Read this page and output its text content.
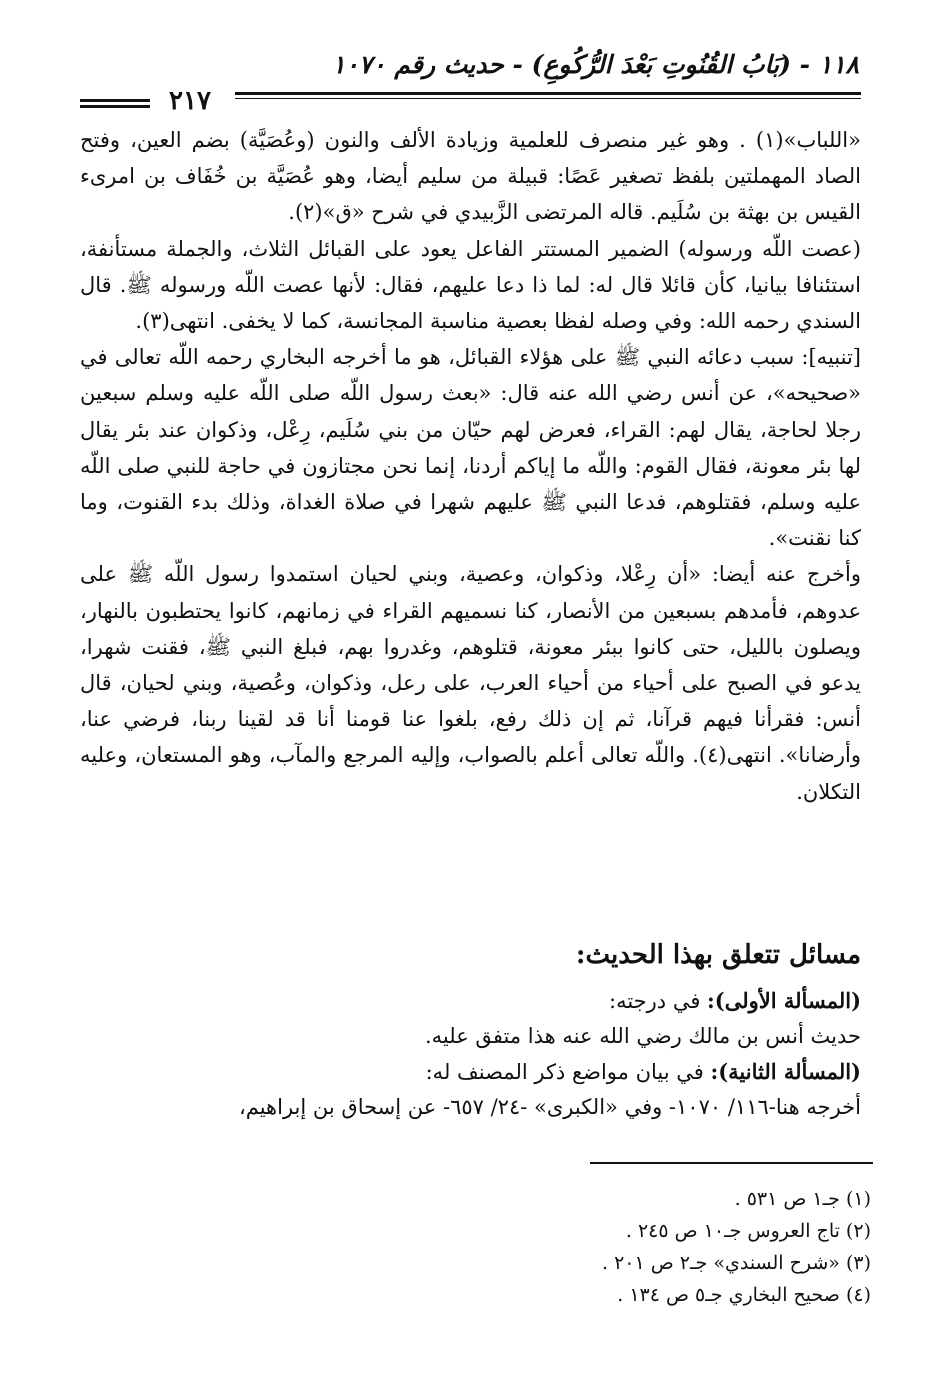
١١٨ - (بَابُ القُنُوتِ بَعْدَ الرُّكُوعِ) - حديث رقم ١٠٧٠
٢١٧

«اللباب»(١) . وهو غير منصرف للعلمية وزيادة الألف والنون (وعُصَيَّة) بضم العين، وفتح الصاد المهملتين بلفظ تصغير عَصًا: قبيلة من سليم أيضا، وهو عُصَيَّة بن خُفَاف بن امرىء القيس بن بهثة بن سُلَيم. قاله المرتضى الزَّبيدي في شرح «ق»(٢).

(عصت اللّه ورسوله) الضمير المستتر الفاعل يعود على القبائل الثلاث، والجملة مستأنفة، استئنافا بيانيا، كأن قائلا قال له: لما ذا دعا عليهم، فقال: لأنها عصت اللّه ورسوله ﷺ. قال السندي رحمه الله: وفي وصله لفظا بعصية مناسبة المجانسة، كما لا يخفى. انتهى(٣).

[تنبيه]: سبب دعائه النبي ﷺ على هؤلاء القبائل، هو ما أخرجه البخاري رحمه اللّه تعالى في «صحيحه»، عن أنس رضي الله عنه قال: «بعث رسول اللّه صلى اللّه عليه وسلم سبعين رجلا لحاجة، يقال لهم: القراء، فعرض لهم حيّان من بني سُلَيم، رِعْل، وذكوان عند بئر يقال لها بئر معونة، فقال القوم: واللّه ما إياكم أردنا، إنما نحن مجتازون في حاجة للنبي صلى اللّه عليه وسلم، فقتلوهم، فدعا النبي ﷺ عليهم شهرا في صلاة الغداة، وذلك بدء القنوت، وما كنا نقنت».

وأخرج عنه أيضا: «أن رِعْلا، وذكوان، وعصية، وبني لحيان استمدوا رسول اللّه ﷺ على عدوهم، فأمدهم بسبعين من الأنصار، كنا نسميهم القراء في زمانهم، كانوا يحتطبون بالنهار، ويصلون بالليل، حتى كانوا ببئر معونة، قتلوهم، وغدروا بهم، فبلغ النبي ﷺ، فقنت شهرا، يدعو في الصبح على أحياء من أحياء العرب، على رعل، وذكوان، وعُصية، وبني لحيان، قال أنس: فقرأنا فيهم قرآنا، ثم إن ذلك رفع، بلغوا عنا قومنا أنا قد لقينا ربنا، فرضي عنا، وأرضانا». انتهى(٤). واللّه تعالى أعلم بالصواب، وإليه المرجع والمآب، وهو المستعان، وعليه التكلان.

مسائل تتعلق بهذا الحديث:

(المسألة الأولى): في درجته:

حديث أنس بن مالك رضي الله عنه هذا متفق عليه.

(المسألة الثانية): في بيان مواضع ذكر المصنف له:

أخرجه هنا-١١٦/ ١٠٧٠- وفي «الكبرى» -٢٤/ ٦٥٧- عن إسحاق بن إبراهيم،

(١) جـ١ ص ٥٣١ .

(٢) تاج العروس جـ١٠ ص ٢٤٥ .

(٣) «شرح السندي» جـ٢ ص ٢٠١ .

(٤) صحيح البخاري جـ٥ ص ١٣٤ .
